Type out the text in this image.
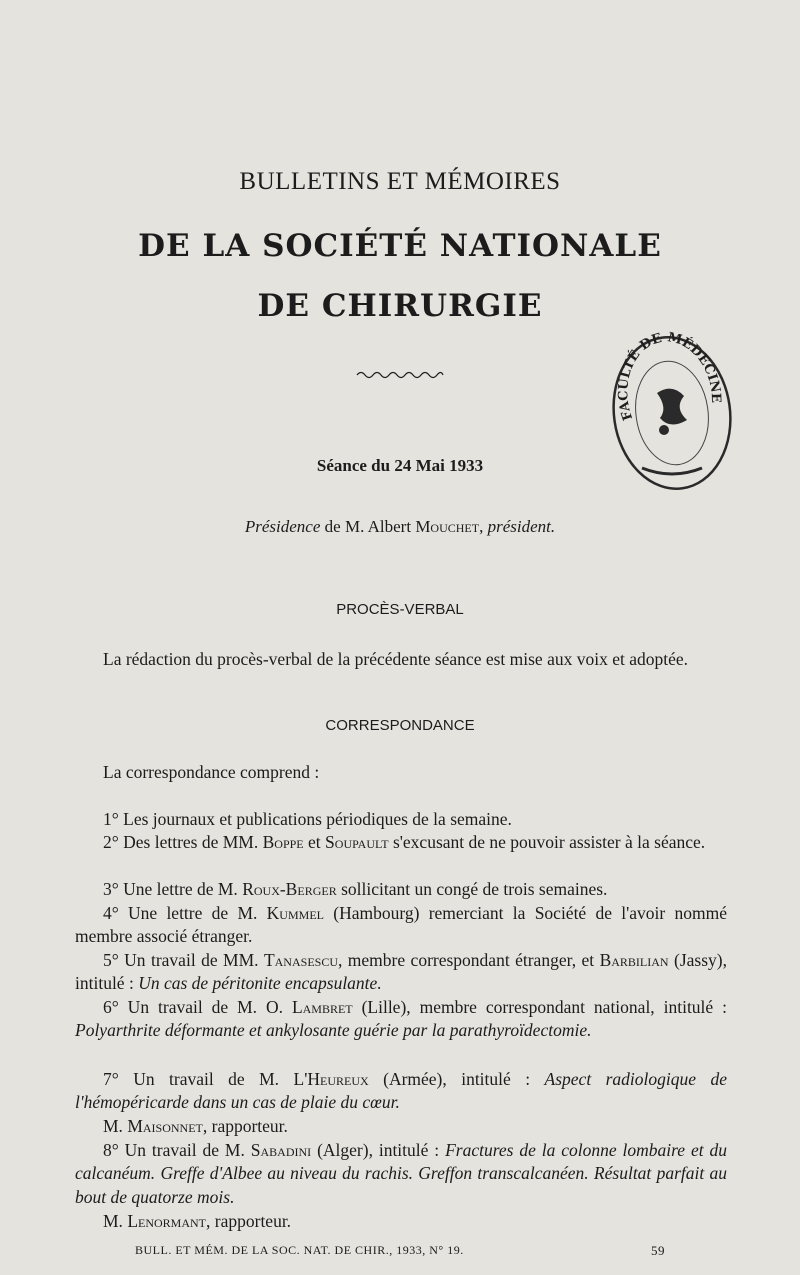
BULLETINS ET MÉMOIRES
DE LA SOCIÉTÉ NATIONALE
DE CHIRURGIE
FACULTÉ DE MÉDECINE
Séance du 24 Mai 1933
Présidence de M. Albert Mouchet, président.
PROCÈS-VERBAL
La rédaction du procès-verbal de la précédente séance est mise aux voix et adoptée.
CORRESPONDANCE
La correspondance comprend :
1° Les journaux et publications périodiques de la semaine.
2° Des lettres de MM. Boppe et Soupault s'excusant de ne pouvoir assister à la séance.
3° Une lettre de M. Roux-Berger sollicitant un congé de trois semaines.
4° Une lettre de M. Kummel (Hambourg) remerciant la Société de l'avoir nommé membre associé étranger.
5° Un travail de MM. Tanasescu, membre correspondant étranger, et Barbilian (Jassy), intitulé : Un cas de péritonite encapsulante.
6° Un travail de M. O. Lambret (Lille), membre correspondant national, intitulé : Polyarthrite déformante et ankylosante guérie par la parathyroïdectomie.
7° Un travail de M. L'Heureux (Armée), intitulé : Aspect radiologique de l'hémopéricarde dans un cas de plaie du cœur.
M. Maisonnet, rapporteur.
8° Un travail de M. Sabadini (Alger), intitulé : Fractures de la colonne lombaire et du calcanéum. Greffe d'Albee au niveau du rachis. Greffon transcalcanéen. Résultat parfait au bout de quatorze mois.
M. Lenormant, rapporteur.
BULL. ET MÉM. DE LA SOC. NAT. DE CHIR., 1933, N° 19.	59
